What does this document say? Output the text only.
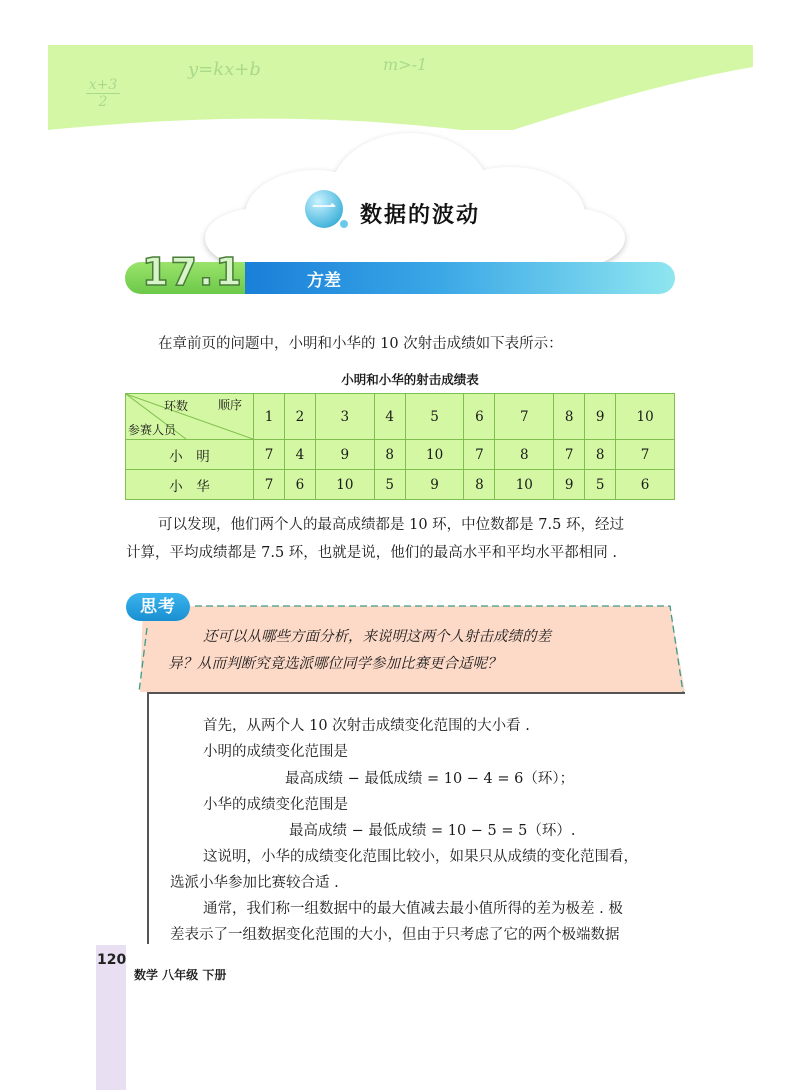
$\frac{x+3}{2}$
y=kx+b	m>-1
一	数据的波动
17.1	方差
在章前页的问题中，小明和小华的 10 次射击成绩如下表所示：
小明和小华的射击成绩表
环数 顺序
参赛人员	1	2	3	4	5	6	7	8	9	10
小　明	7	4	9	8	10	7	8	7	8	7
小　华	7	6	10	5	9	8	10	9	5	6
可以发现，他们两个人的最高成绩都是 10 环，中位数都是 7.5 环，经过
计算，平均成绩都是 7.5 环，也就是说，他们的最高水平和平均水平都相同 .
思考
还可以从哪些方面分析，来说明这两个人射击成绩的差
异？从而判断究竟选派哪位同学参加比赛更合适呢？
首先，从两个人 10 次射击成绩变化范围的大小看 .
小明的成绩变化范围是
最高成绩 − 最低成绩 = 10 − 4 = 6（环）；
小华的成绩变化范围是
最高成绩 − 最低成绩 = 10 − 5 = 5（环）.
这说明，小华的成绩变化范围比较小，如果只从成绩的变化范围看，
选派小华参加比赛较合适 .
通常，我们称一组数据中的最大值减去最小值所得的差为极差 . 极
差表示了一组数据变化范围的大小，但由于只考虑了它的两个极端数据
120
数学 八年级 下册
